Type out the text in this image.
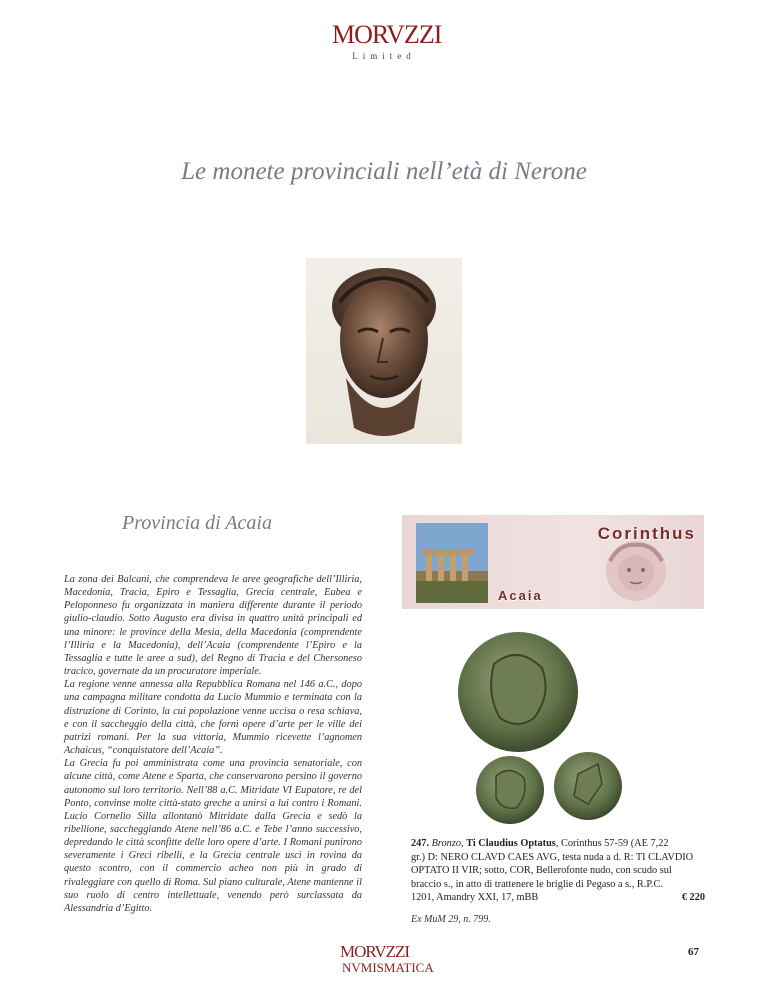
MORVZZI
Limited
Le monete provinciali nell’età di Nerone
Provincia di Acaia

La zona dei Balcani, che comprendeva le aree geografiche dell’Illiria, Macedonia, Tracia, Epiro e Tessaglia, Grecia centrale, Eubea e Peloponneso fu organizzata in maniera differente durante il periodo giulio-claudio. Sotto Augusto era divisa in quattro unità principali ed una minore: le province della Mesia, della Macedonia (comprendente l’Illiria e la Macedonia), dell’Acaia (comprendente l’Epiro e la Tessaglia e tutte le aree a sud), del Regno di Tracia e del Chersoneso tracico, governate da un procuratore imperiale.

La regione venne annessa alla Repubblica Romana nel 146 a.C., dopo una campagna militare condotta da Lucio Mummio e terminata con la distruzione di Corinto, la cui popolazione venne uccisa o resa schiava, e con il saccheggio della città, che fornì opere d’arte per le ville dei patrizi romani. Per la sua vittoria, Mummio ricevette l’agnomen Achaicus, “conquistatore dell’Acaia”.

La Grecia fu poi amministrata come una provincia senatoriale, con alcune città, come Atene e Sparta, che conservarono persino il governo autonomo sul loro territorio. Nell’88 a.C. Mitridate VI Eupatore, re del Ponto, convinse molte città-stato greche a unirsi a lui contro i Romani. Lucio Cornelio Silla allontanò Mitridate dalla Grecia e sedò la ribellione, saccheggiando Atene nell’86 a.C. e Tebe l’anno successivo, depredando le città sconfitte delle loro opere d’arte. I Romani punirono severamente i Greci ribelli, e la Grecia centrale uscì in rovina da questo scontro, con il commercio acheo non più in grado di rivaleggiare con quello di Roma. Sul piano culturale, Atene mantenne il suo ruolo di centro intellettuale, venendo però surclassata da Alessandria d’Egitto.

Corinthus
Acaia
247. Bronzo, Ti Claudius Optatus, Corinthus 57-59 (AE 7,22
gr.) D: NERO CLAVD CAES AVG, testa nuda a d. R: TI CLAVDIO
OPTATO II VIR; sotto, COR, Bellerofonte nudo, con scudo sul
braccio s., in atto di trattenere le briglie di Pegaso a s., R.P.C.
1201, Amandry XXI, 17, mBB	€ 220
Ex MuM 29, n. 799.
MORVZZI
NVMISMATICA
67
